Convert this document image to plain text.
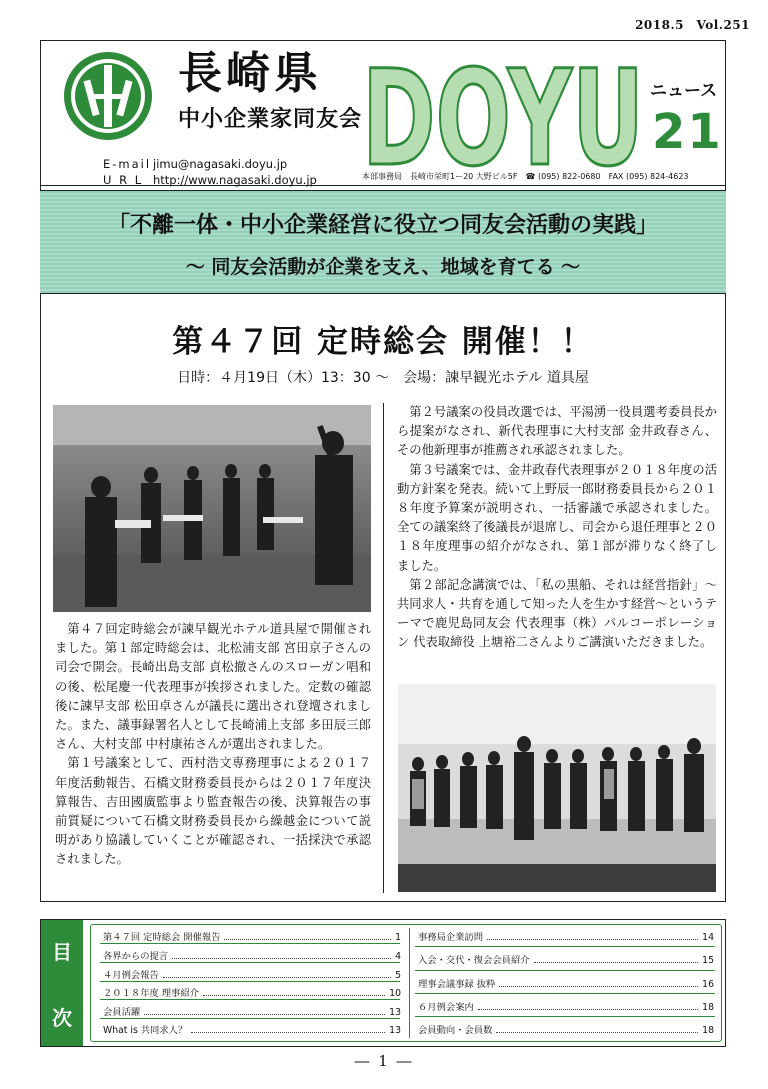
2018.5　Vol.251
長崎県
中小企業家同友会
E-mail jimu@nagasaki.doyu.jp
U R L http://www.nagasaki.doyu.jp DOYU ニュース
21
本部事務局　長崎市栄町1ー20 大野ビル5F　☎ (095) 822-0680　FAX (095) 824-4623
「不離一体・中小企業経営に役立つ同友会活動の実践」
～ 同友会活動が企業を支え、地域を育てる ～
第４７回 定時総会 開催！！
日時：４月19日（木）13：30 ～　会場：諫早観光ホテル 道具屋

第４７回定時総会が諫早観光ホテル道具屋で開催されました。第１部定時総会は、北松浦支部 宮田京子さんの司会で開会。長崎出島支部 貞松撤さんのスローガン唱和の後、松尾慶一代表理事が挨拶されました。定数の確認後に諫早支部 松田卓さんが議長に選出され登壇されました。また、議事録署名人として長崎浦上支部 多田辰三郎さん、大村支部 中村康祐さんが選出されました。

第１号議案として、西村浩文専務理事による２０１７年度活動報告、石橋文財務委員長からは２０１７年度決算報告、吉田國廣監事より監査報告の後、決算報告の事前質疑について石橋文財務委員長から繰越金について説明があり協議していくことが確認され、一括採決で承認されました。

第２号議案の役員改選では、平湯湧一役員選考委員長から提案がなされ、新代表理事に大村支部 金井政春さん、その他新理事が推薦され承認されました。

第３号議案では、金井政春代表理事が２０１８年度の活動方針案を発表。続いて上野辰一郎財務委員長から２０１８年度予算案が説明され、一括審議で承認されました。全ての議案終了後議長が退席し、司会から退任理事と２０１８年度理事の紹介がなされ、第１部が滞りなく終了しました。

第２部記念講演では、「私の黒船、それは経営指針」～共同求人・共育を通して知った人を生かす経営～というテーマで鹿児島同友会 代表理事（株）パルコーポレーション 代表取締役 上塘裕二さんよりご講演いただきました。

目
次
第４７回 定時総会 開催報告	1
各界からの提言	4
４月例会報告	5
２０１８年度 理事紹介	10
会員活躍	13
What is 共同求人？	13
事務局企業訪問	14
入会・交代・復会会員紹介	15
理事会議事録 抜粋	16
６月例会案内	18
会員動向・会員数	18
― 1 ―
